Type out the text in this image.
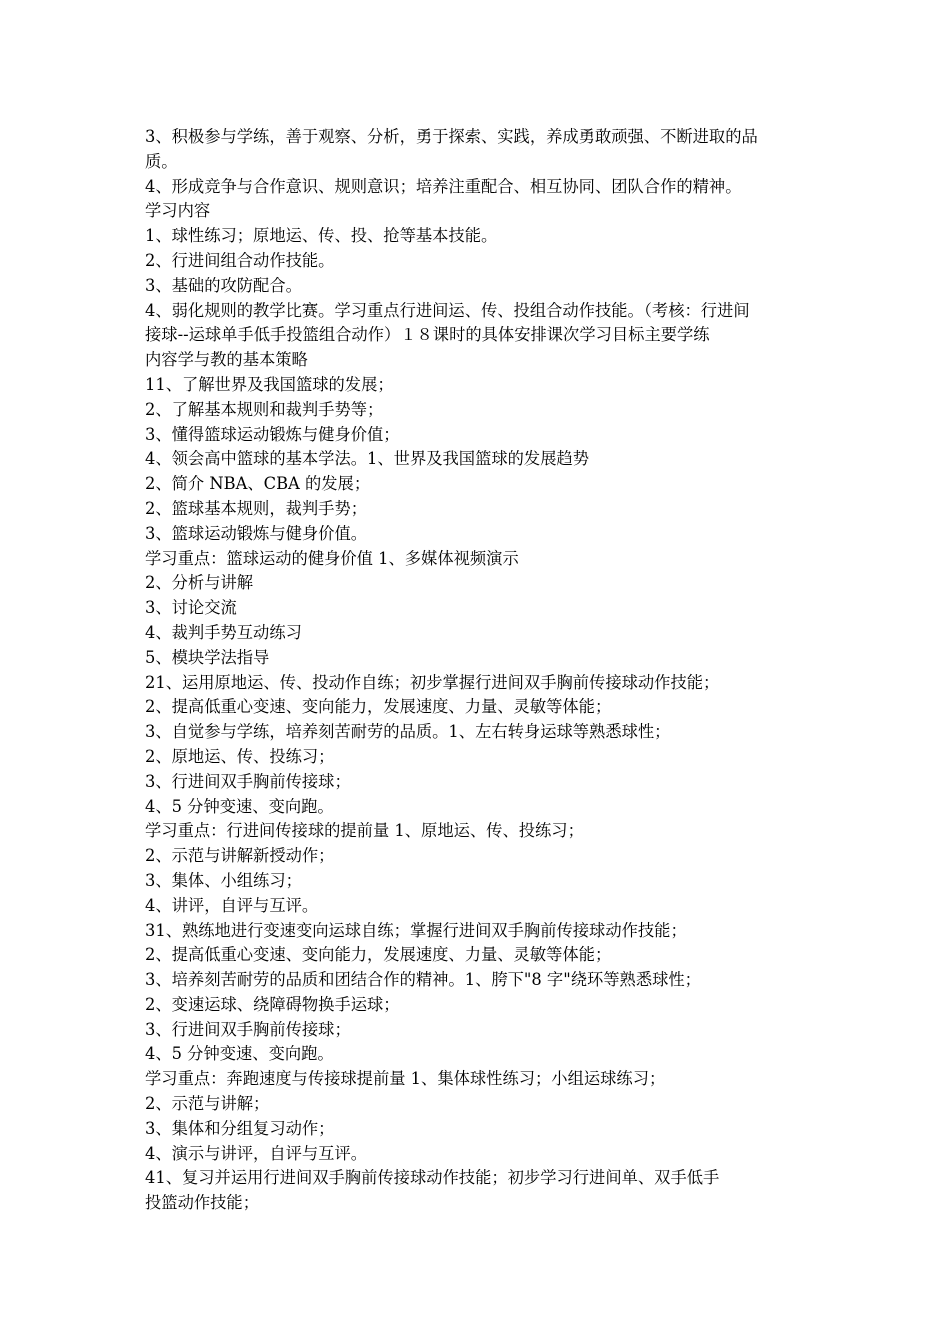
3、积极参与学练，善于观察、分析，勇于探索、实践，养成勇敢顽强、不断进取的品
质。
4、形成竞争与合作意识、规则意识；培养注重配合、相互协同、团队合作的精神。
学习内容
1、球性练习；原地运、传、投、抢等基本技能。
2、行进间组合动作技能。
3、基础的攻防配合。
4、弱化规则的教学比赛。学习重点行进间运、传、投组合动作技能。（考核：行进间
接球--运球单手低手投篮组合动作）１８课时的具体安排课次学习目标主要学练
内容学与教的基本策略
11、了解世界及我国篮球的发展；
2、了解基本规则和裁判手势等；
3、懂得篮球运动锻炼与健身价值；
4、领会高中篮球的基本学法。1、世界及我国篮球的发展趋势
2、简介 NBA、CBA 的发展；
2、篮球基本规则，裁判手势；
3、篮球运动锻炼与健身价值。
学习重点：篮球运动的健身价值 1、多媒体视频演示
2、分析与讲解
3、讨论交流
4、裁判手势互动练习
5、模块学法指导
21、运用原地运、传、投动作自练；初步掌握行进间双手胸前传接球动作技能；
2、提高低重心变速、变向能力，发展速度、力量、灵敏等体能；
3、自觉参与学练，培养刻苦耐劳的品质。1、左右转身运球等熟悉球性；
2、原地运、传、投练习；
3、行进间双手胸前传接球；
4、5 分钟变速、变向跑。
学习重点：行进间传接球的提前量 1、原地运、传、投练习；
2、示范与讲解新授动作；
3、集体、小组练习；
4、讲评，自评与互评。
31、熟练地进行变速变向运球自练；掌握行进间双手胸前传接球动作技能；
2、提高低重心变速、变向能力，发展速度、力量、灵敏等体能；
3、培养刻苦耐劳的品质和团结合作的精神。1、胯下"8 字"绕环等熟悉球性；
2、变速运球、绕障碍物换手运球；
3、行进间双手胸前传接球；
4、5 分钟变速、变向跑。
学习重点：奔跑速度与传接球提前量 1、集体球性练习；小组运球练习；
2、示范与讲解；
3、集体和分组复习动作；
4、演示与讲评，自评与互评。
41、复习并运用行进间双手胸前传接球动作技能；初步学习行进间单、双手低手
投篮动作技能；
